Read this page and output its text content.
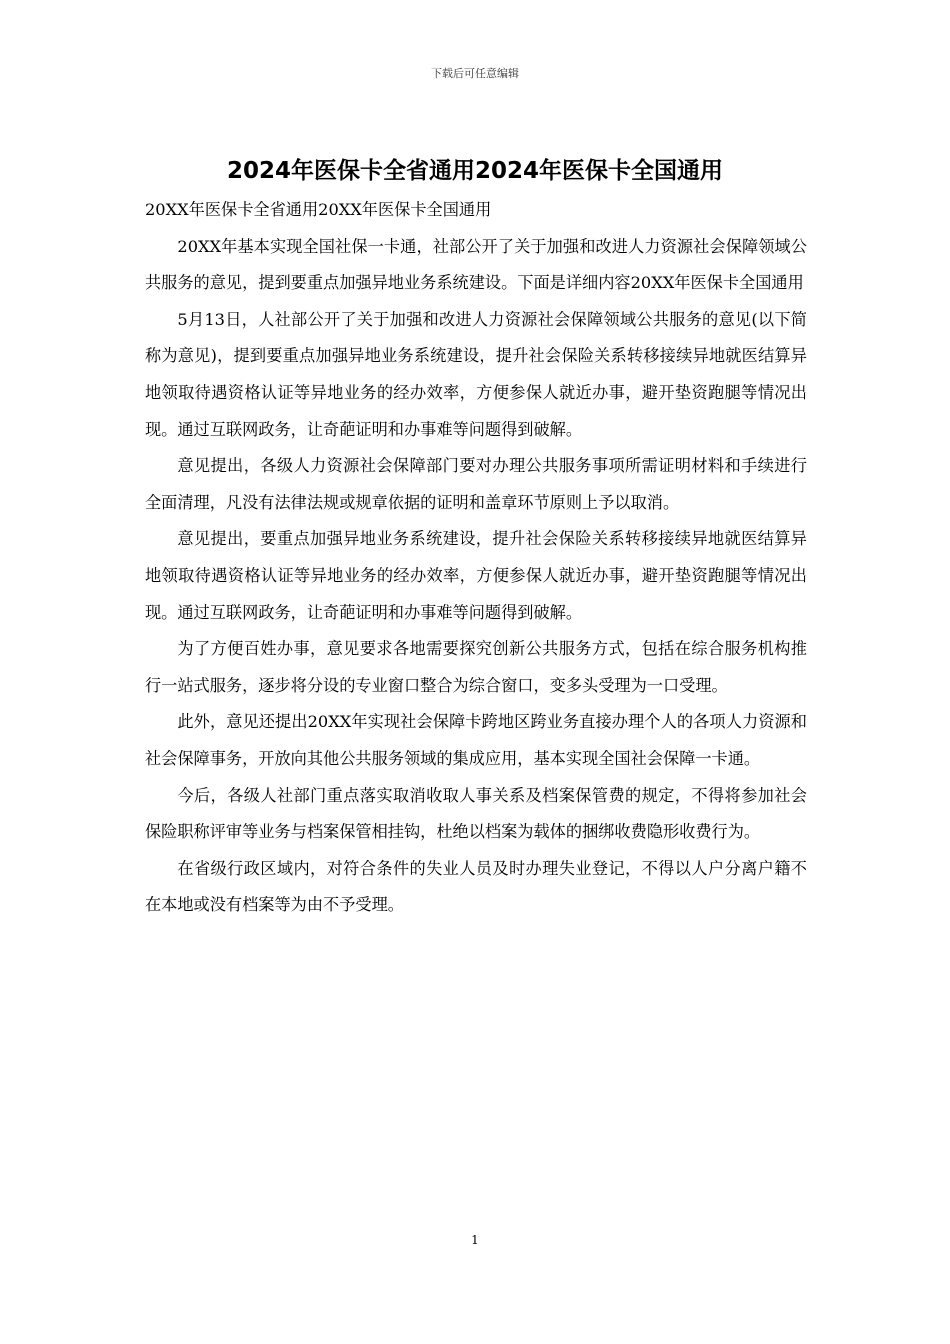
下载后可任意编辑
2024年医保卡全省通用2024年医保卡全国通用

20XX年医保卡全省通用20XX年医保卡全国通用

20XX年基本实现全国社保一卡通，社部公开了关于加强和改进人力资源社会保障领域公共服务的意见，提到要重点加强异地业务系统建设。下面是详细内容20XX年医保卡全国通用

5月13日，人社部公开了关于加强和改进人力资源社会保障领域公共服务的意见(以下简称为意见)，提到要重点加强异地业务系统建设，提升社会保险关系转移接续异地就医结算异地领取待遇资格认证等异地业务的经办效率，方便参保人就近办事，避开垫资跑腿等情况出现。通过互联网政务，让奇葩证明和办事难等问题得到破解。

意见提出，各级人力资源社会保障部门要对办理公共服务事项所需证明材料和手续进行全面清理，凡没有法律法规或规章依据的证明和盖章环节原则上予以取消。

意见提出，要重点加强异地业务系统建设，提升社会保险关系转移接续异地就医结算异地领取待遇资格认证等异地业务的经办效率，方便参保人就近办事，避开垫资跑腿等情况出现。通过互联网政务，让奇葩证明和办事难等问题得到破解。

为了方便百姓办事，意见要求各地需要探究创新公共服务方式，包括在综合服务机构推行一站式服务，逐步将分设的专业窗口整合为综合窗口，变多头受理为一口受理。

此外，意见还提出20XX年实现社会保障卡跨地区跨业务直接办理个人的各项人力资源和社会保障事务，开放向其他公共服务领域的集成应用，基本实现全国社会保障一卡通。

今后，各级人社部门重点落实取消收取人事关系及档案保管费的规定，不得将参加社会保险职称评审等业务与档案保管相挂钩，杜绝以档案为载体的捆绑收费隐形收费行为。

在省级行政区域内，对符合条件的失业人员及时办理失业登记，不得以人户分离户籍不在本地或没有档案等为由不予受理。

1
